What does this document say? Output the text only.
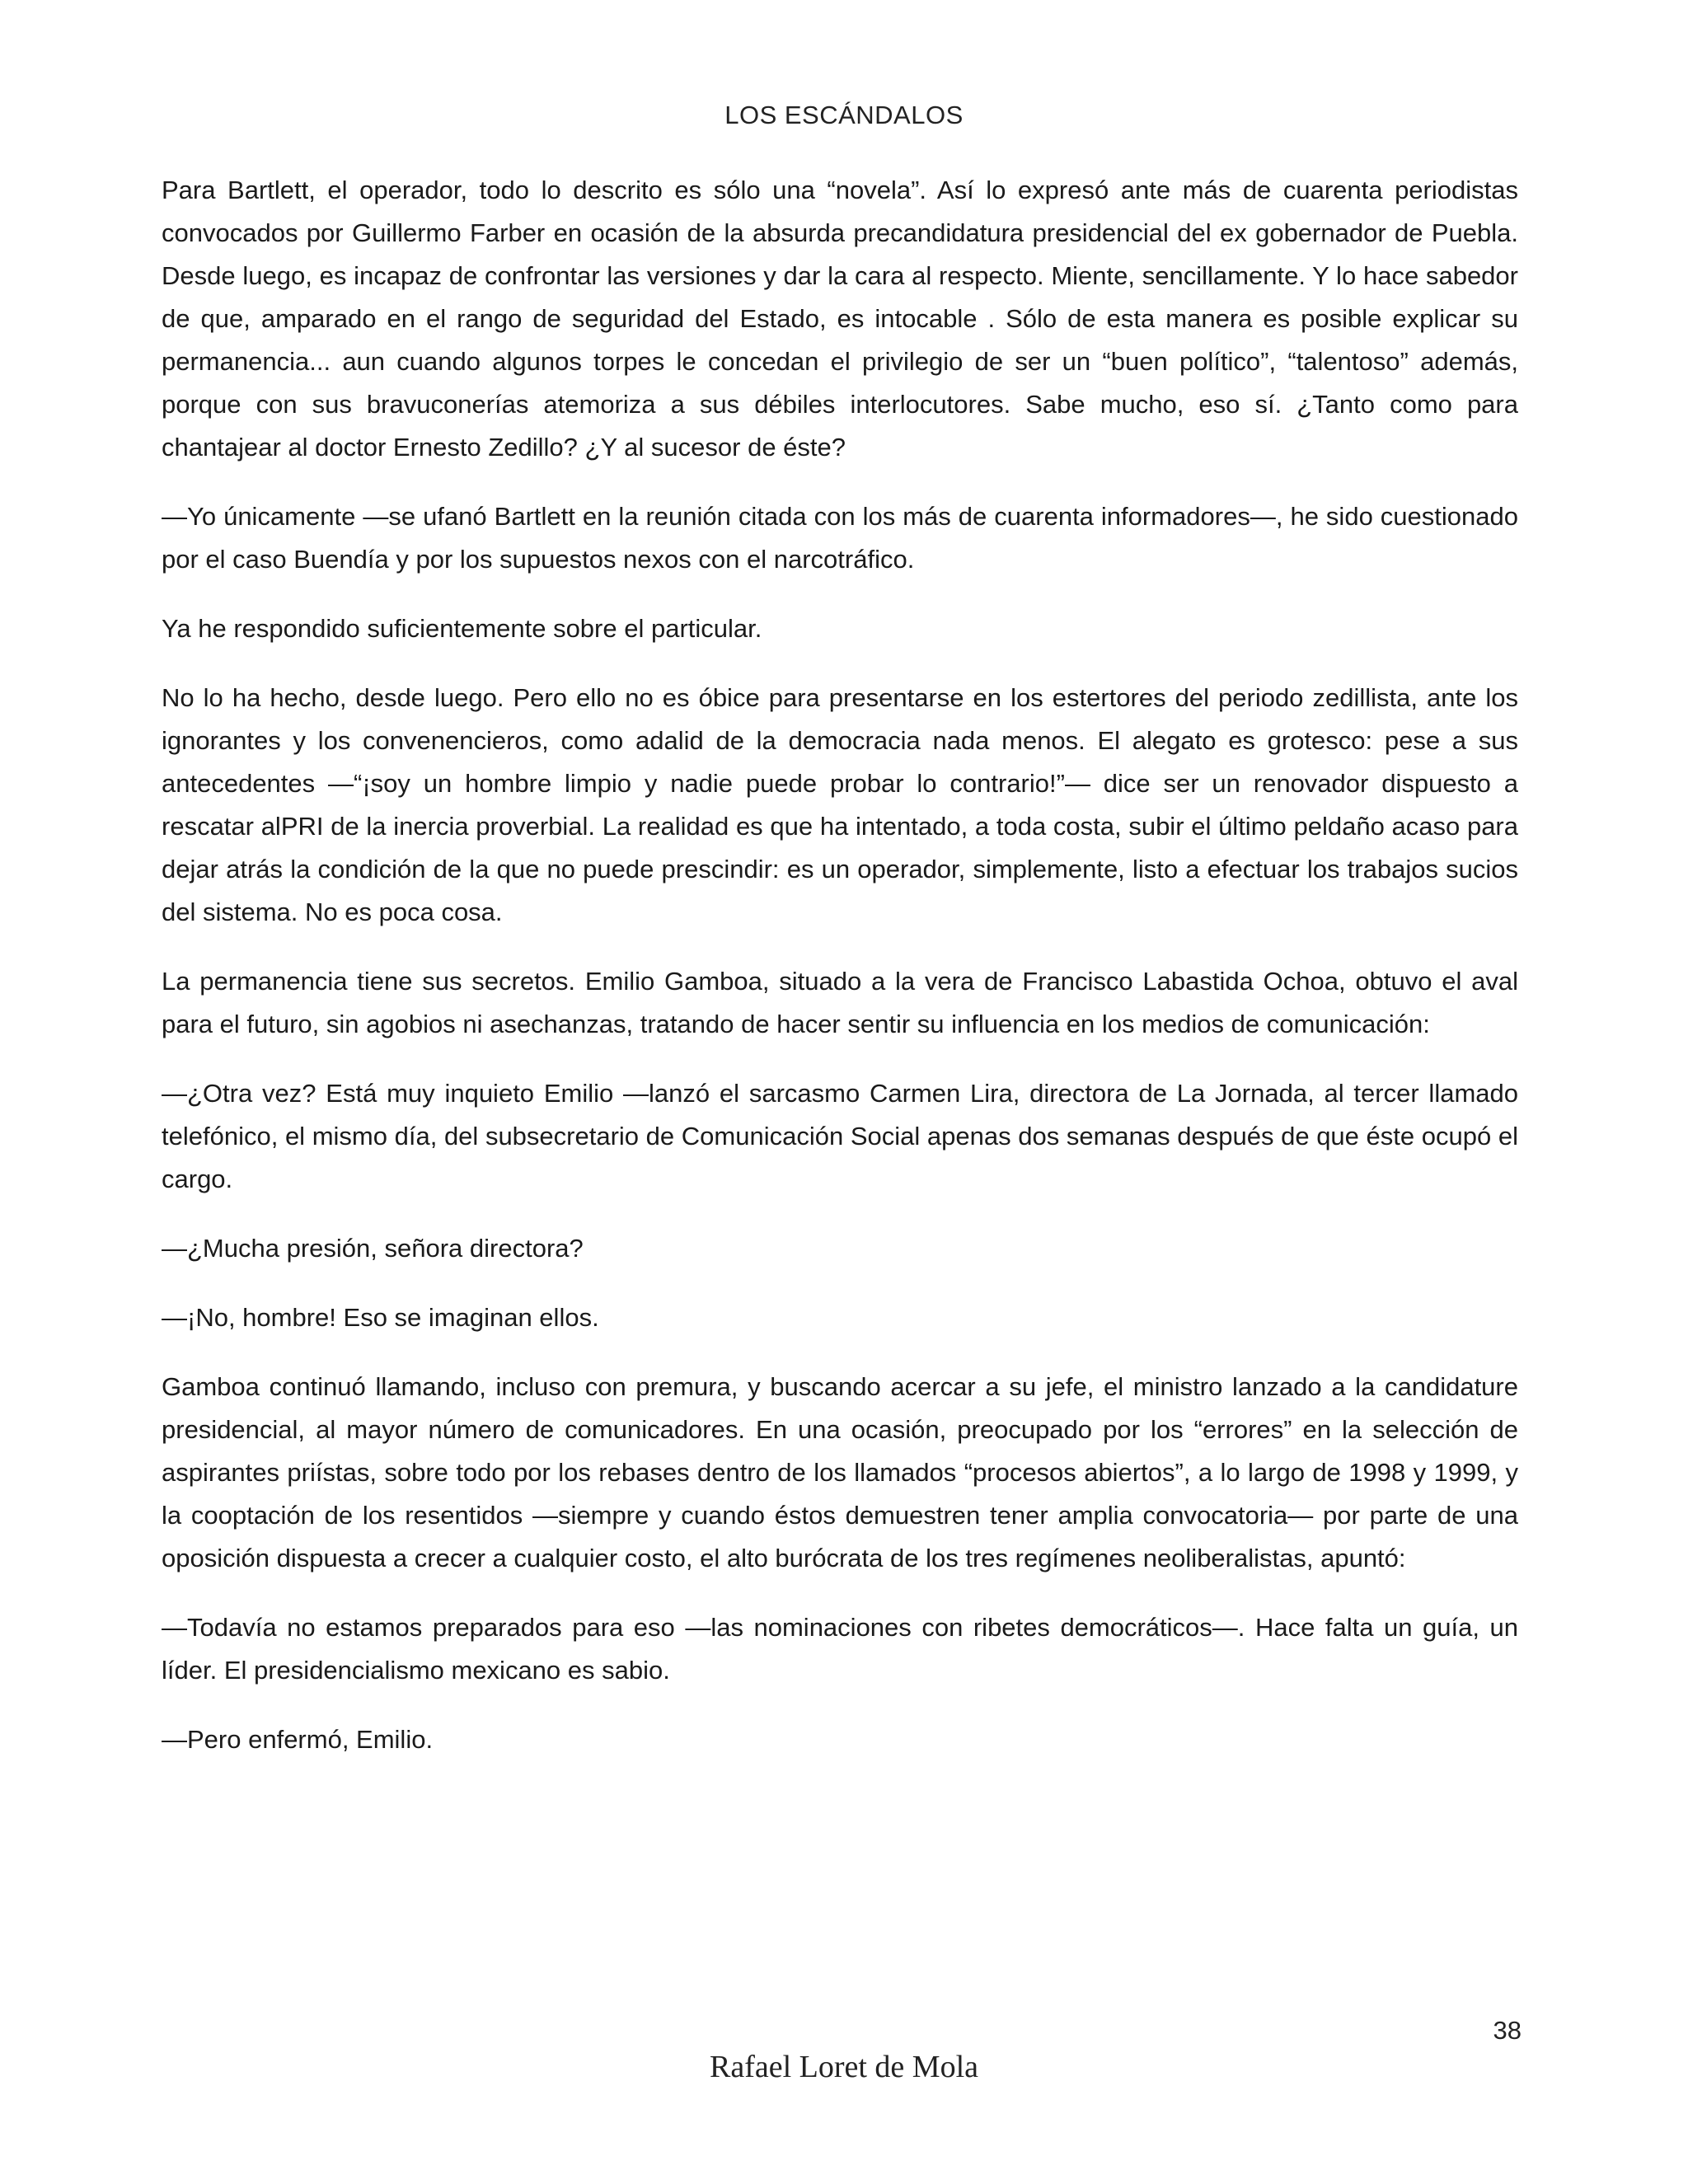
LOS ESCÁNDALOS

Para Bartlett, el operador, todo lo descrito es sólo una “novela”. Así lo expresó ante más de cuarenta periodistas convocados por Guillermo Farber en ocasión de la absurda precandidatura presidencial del ex gobernador de Puebla. Desde luego, es incapaz de confrontar las versiones y dar la cara al respecto. Miente, sencillamente. Y lo hace sabedor de que, amparado en el rango de seguridad del Estado, es intocable . Sólo de esta manera es posible explicar su permanencia... aun cuando algunos torpes le concedan el privilegio de ser un “buen político”, “talentoso” además, porque con sus bravuconerías atemoriza a sus débiles interlocutores. Sabe mucho, eso sí. ¿Tanto como para chantajear al doctor Ernesto Zedillo? ¿Y al sucesor de éste?

—Yo únicamente —se ufanó Bartlett en la reunión citada con los más de cuarenta informadores—, he sido cuestionado por el caso Buendía y por los supuestos nexos con el narcotráfico.

Ya he respondido suficientemente sobre el particular.

No lo ha hecho, desde luego. Pero ello no es óbice para presentarse en los estertores del periodo zedillista, ante los ignorantes y los convenencieros, como adalid de la democracia nada menos. El alegato es grotesco: pese a sus antecedentes —“¡soy un hombre limpio y nadie puede probar lo contrario!”— dice ser un renovador dispuesto a rescatar alPRI de la inercia proverbial. La realidad es que ha intentado, a toda costa, subir el último peldaño acaso para dejar atrás la condición de la que no puede prescindir: es un operador, simplemente, listo a efectuar los trabajos sucios del sistema. No es poca cosa.

La permanencia tiene sus secretos. Emilio Gamboa, situado a la vera de Francisco Labastida Ochoa, obtuvo el aval para el futuro, sin agobios ni asechanzas, tratando de hacer sentir su influencia en los medios de comunicación:

—¿Otra vez? Está muy inquieto Emilio —lanzó el sarcasmo Carmen Lira, directora de La Jornada, al tercer llamado telefónico, el mismo día, del subsecretario de Comunicación Social apenas dos semanas después de que éste ocupó el cargo.

—¿Mucha presión, señora directora?

—¡No, hombre! Eso se imaginan ellos.

Gamboa continuó llamando, incluso con premura, y buscando acercar a su jefe, el ministro lanzado a la candidature presidencial, al mayor número de comunicadores. En una ocasión, preocupado por los “errores” en la selección de aspirantes priístas, sobre todo por los rebases dentro de los llamados “procesos abiertos”, a lo largo de 1998 y 1999, y la cooptación de los resentidos —siempre y cuando éstos demuestren tener amplia convocatoria— por parte de una oposición dispuesta a crecer a cualquier costo, el alto burócrata de los tres regímenes neoliberalistas, apuntó:

—Todavía no estamos preparados para eso —las nominaciones con ribetes democráticos—. Hace falta un guía, un líder. El presidencialismo mexicano es sabio.

—Pero enfermó, Emilio.

38
Rafael Loret de Mola
